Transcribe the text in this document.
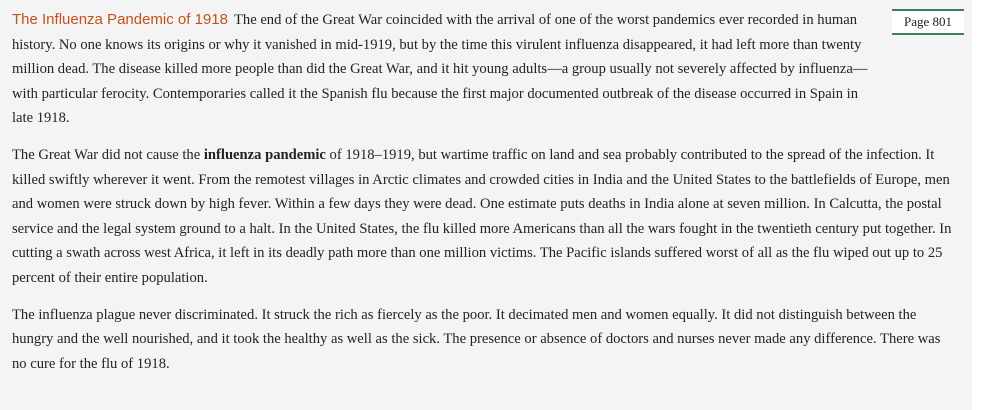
Page 801

The Influenza Pandemic of 1918 The end of the Great War coincided with the arrival of one of the worst pandemics ever recorded in human history. No one knows its origins or why it vanished in mid-1919, but by the time this virulent influenza disappeared, it had left more than twenty million dead. The disease killed more people than did the Great War, and it hit young adults—a group usually not severely affected by influenza—with particular ferocity. Contemporaries called it the Spanish flu because the first major documented outbreak of the disease occurred in Spain in late 1918.

The Great War did not cause the influenza pandemic of 1918–1919, but wartime traffic on land and sea probably contributed to the spread of the infection. It killed swiftly wherever it went. From the remotest villages in Arctic climates and crowded cities in India and the United States to the battlefields of Europe, men and women were struck down by high fever. Within a few days they were dead. One estimate puts deaths in India alone at seven million. In Calcutta, the postal service and the legal system ground to a halt. In the United States, the flu killed more Americans than all the wars fought in the twentieth century put together. In cutting a swath across west Africa, it left in its deadly path more than one million victims. The Pacific islands suffered worst of all as the flu wiped out up to 25 percent of their entire population.

The influenza plague never discriminated. It struck the rich as fiercely as the poor. It decimated men and women equally. It did not distinguish between the hungry and the well nourished, and it took the healthy as well as the sick. The presence or absence of doctors and nurses never made any difference. There was no cure for the flu of 1918.
